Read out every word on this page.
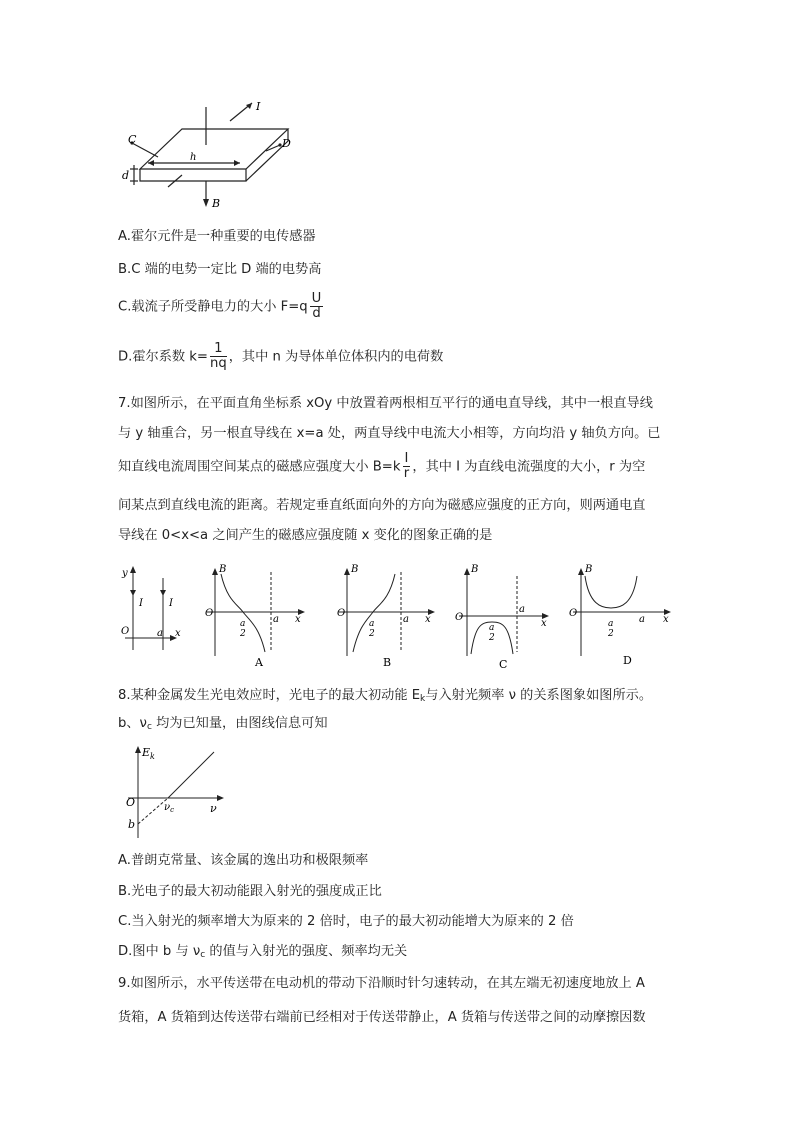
I
C	D
h
d
B
A.霍尔元件是一种重要的电传感器
B.C 端的电势一定比 D 端的电势高
C.载流子所受静电力的大小 $F=q \frac{U}{d}$
D.霍尔系数 $k= \frac{1}{nq}$ ，其中 n 为导体单位体积内的电荷数
7.如图所示，在平面直角坐标系 xOy 中放置着两根相互平行的通电直导线，其中一根直导线
与 y 轴重合，另一根直导线在 x=a 处，两直导线中电流大小相等，方向均沿 y 轴负方向。已
知直线电流周围空间某点的磁感应强度大小 $B=k \frac{I}{r}$ ，其中 I 为直线电流强度的大小，r 为空
间某点到直线电流的距离。若规定垂直纸面向外的方向为磁感应强度的正方向，则两通电直
导线在 0<x<a 之间产生的磁感应强度随 x 变化的图象正确的是
y
I	I
O	a x
B
O
a
2
a x
A
B
O
a
2
a x
B
B
O
a
2
a
x
C
B
O
a
2
a x
D
8.某种金属发生光电效应时，光电子的最大初动能 $E_k$与入射光频率 ν 的关系图象如图所示。
b、$\nu_c$ 均为已知量，由图线信息可知
$E_k$
O	ν
$\nu_c$
b
A.普朗克常量、该金属的逸出功和极限频率
B.光电子的最大初动能跟入射光的强度成正比
C.当入射光的频率增大为原来的 2 倍时，电子的最大初动能增大为原来的 2 倍
D.图中 b 与 $\nu_c$ 的值与入射光的强度、频率均无关
9.如图所示，水平传送带在电动机的带动下沿顺时针匀速转动，在其左端无初速度地放上 A
货箱，A 货箱到达传送带右端前已经相对于传送带静止，A 货箱与传送带之间的动摩擦因数
